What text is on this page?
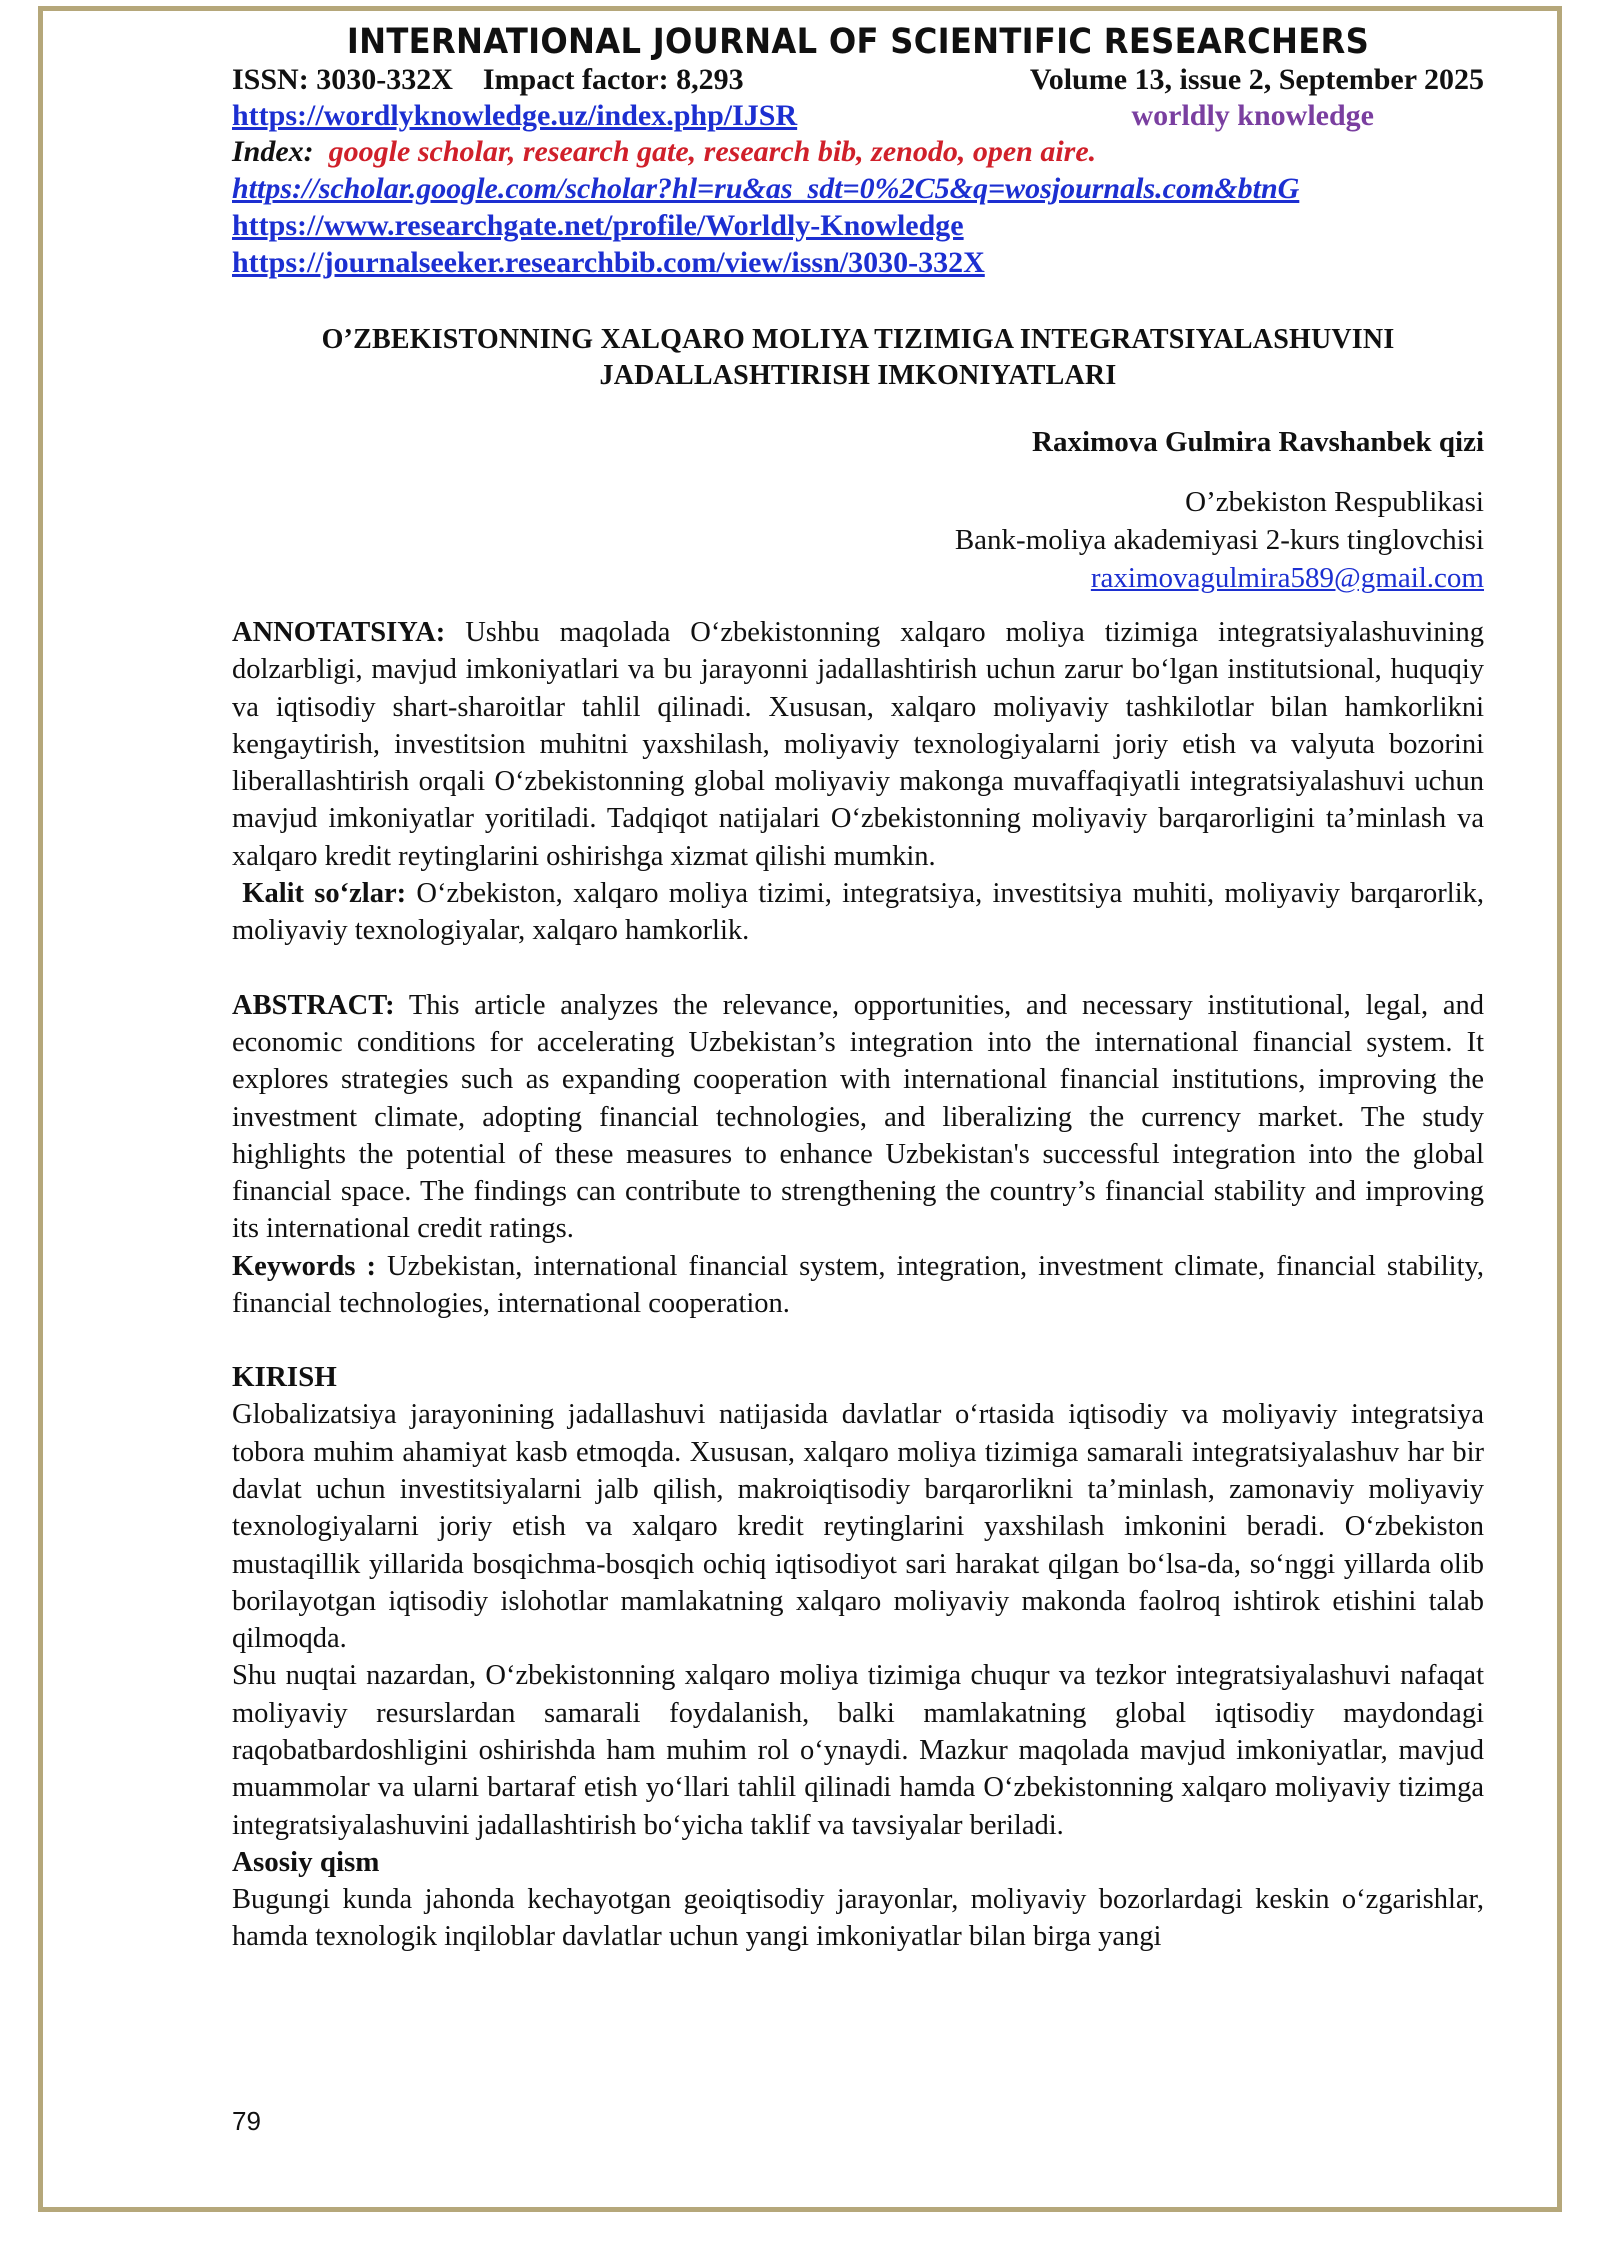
INTERNATIONAL JOURNAL OF SCIENTIFIC RESEARCHERS
ISSN: 3030-332X    Impact factor: 8,293	Volume 13, issue 2, September 2025
https://wordlyknowledge.uz/index.php/IJSR	worldly knowledge
Index: google scholar, research gate, research bib, zenodo, open aire.
https://scholar.google.com/scholar?hl=ru&as_sdt=0%2C5&q=wosjournals.com&btnG
https://www.researchgate.net/profile/Worldly-Knowledge
https://journalseeker.researchbib.com/view/issn/3030-332X
O’ZBEKISTONNING XALQARO MOLIYA TIZIMIGA INTEGRATSIYALASHUVINI
JADALLASHTIRISH IMKONIYATLARI
Raximova Gulmira Ravshanbek qizi
O’zbekiston Respublikasi
Bank-moliya akademiyasi 2-kurs tinglovchisi
raximovagulmira589@gmail.com

ANNOTATSIYA: Ushbu maqolada O‘zbekistonning xalqaro moliya tizimiga integratsiyalashuvining dolzarbligi, mavjud imkoniyatlari va bu jarayonni jadallashtirish uchun zarur bo‘lgan institutsional, huquqiy va iqtisodiy shart-sharoitlar tahlil qilinadi. Xususan, xalqaro moliyaviy tashkilotlar bilan hamkorlikni kengaytirish, investitsion muhitni yaxshilash, moliyaviy texnologiyalarni joriy etish va valyuta bozorini liberallashtirish orqali O‘zbekistonning global moliyaviy makonga muvaffaqiyatli integratsiyalashuvi uchun mavjud imkoniyatlar yoritiladi. Tadqiqot natijalari O‘zbekistonning moliyaviy barqarorligini ta’minlash va xalqaro kredit reytinglarini oshirishga xizmat qilishi mumkin.

Kalit so‘zlar: O‘zbekiston, xalqaro moliya tizimi, integratsiya, investitsiya muhiti, moliyaviy barqarorlik, moliyaviy texnologiyalar, xalqaro hamkorlik.

ABSTRACT: This article analyzes the relevance, opportunities, and necessary institutional, legal, and economic conditions for accelerating Uzbekistan’s integration into the international financial system. It explores strategies such as expanding cooperation with international financial institutions, improving the investment climate, adopting financial technologies, and liberalizing the currency market. The study highlights the potential of these measures to enhance Uzbekistan's successful integration into the global financial space. The findings can contribute to strengthening the country’s financial stability and improving its international credit ratings.

Keywords : Uzbekistan, international financial system, integration, investment climate, financial stability, financial technologies, international cooperation.

KIRISH

Globalizatsiya jarayonining jadallashuvi natijasida davlatlar o‘rtasida iqtisodiy va moliyaviy integratsiya tobora muhim ahamiyat kasb etmoqda. Xususan, xalqaro moliya tizimiga samarali integratsiyalashuv har bir davlat uchun investitsiyalarni jalb qilish, makroiqtisodiy barqarorlikni ta’minlash, zamonaviy moliyaviy texnologiyalarni joriy etish va xalqaro kredit reytinglarini yaxshilash imkonini beradi. O‘zbekiston mustaqillik yillarida bosqichma-bosqich ochiq iqtisodiyot sari harakat qilgan bo‘lsa-da, so‘nggi yillarda olib borilayotgan iqtisodiy islohotlar mamlakatning xalqaro moliyaviy makonda faolroq ishtirok etishini talab qilmoqda.

Shu nuqtai nazardan, O‘zbekistonning xalqaro moliya tizimiga chuqur va tezkor integratsiyalashuvi nafaqat moliyaviy resurslardan samarali foydalanish, balki mamlakatning global iqtisodiy maydondagi raqobatbardoshligini oshirishda ham muhim rol o‘ynaydi. Mazkur maqolada mavjud imkoniyatlar, mavjud muammolar va ularni bartaraf etish yo‘llari tahlil qilinadi hamda O‘zbekistonning xalqaro moliyaviy tizimga integratsiyalashuvini jadallashtirish bo‘yicha taklif va tavsiyalar beriladi.

Asosiy qism

Bugungi kunda jahonda kechayotgan geoiqtisodiy jarayonlar, moliyaviy bozorlardagi keskin o‘zgarishlar, hamda texnologik inqiloblar davlatlar uchun yangi imkoniyatlar bilan birga yangi

79
